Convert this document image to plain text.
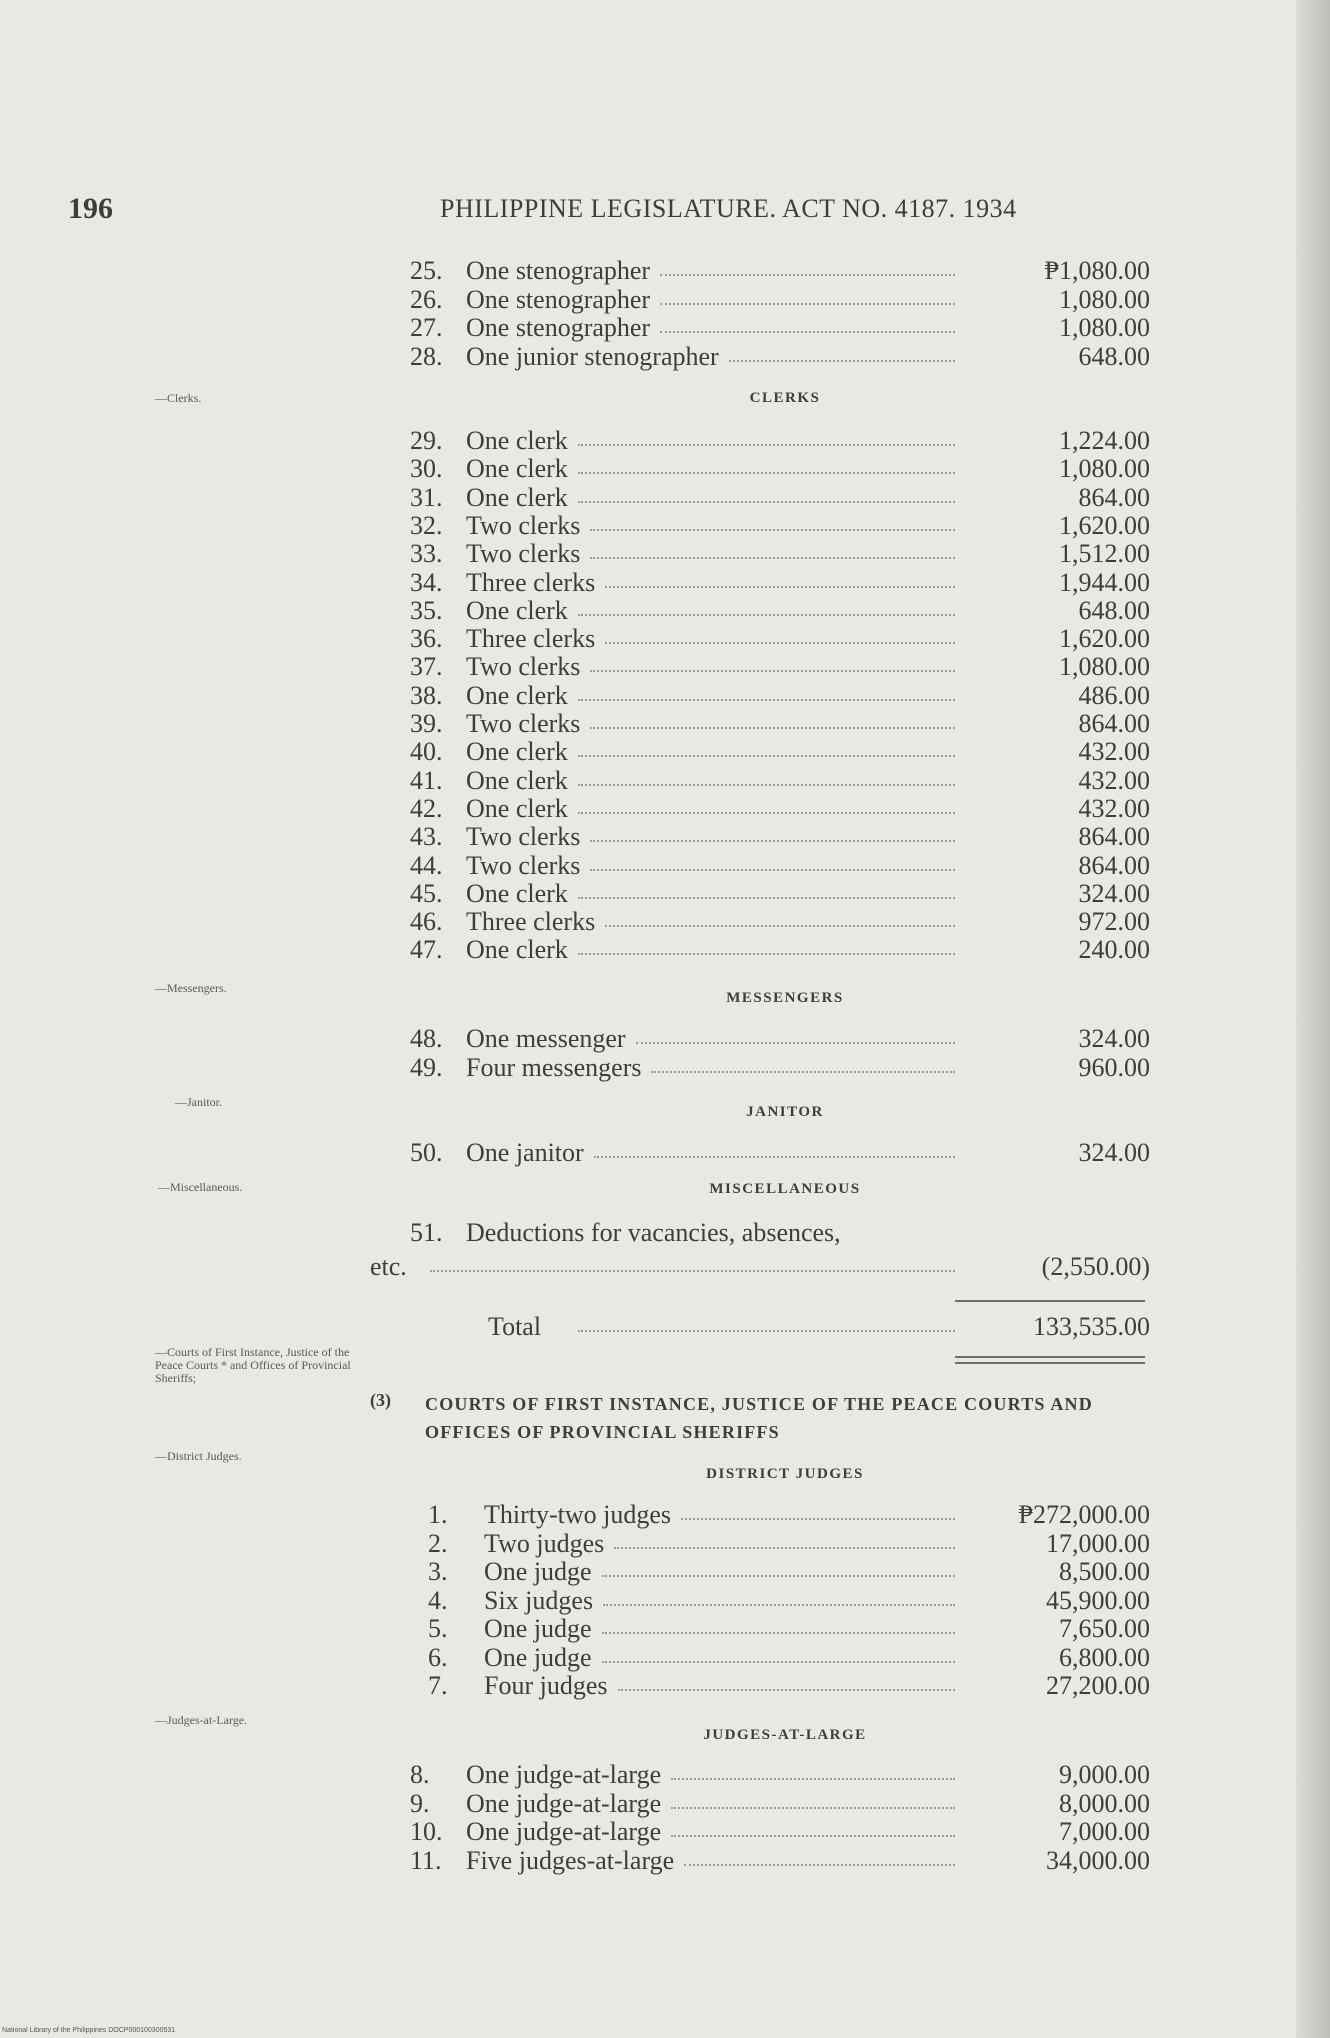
196	PHILIPPINE LEGISLATURE. ACT NO. 4187. 1934
25. One stenographer	₱1,080.00
26. One stenographer	1,080.00
27. One stenographer	1,080.00
28. One junior stenographer	648.00
—Clerks.	CLERKS
29. One clerk	1,224.00
30. One clerk	1,080.00
31. One clerk	864.00
32. Two clerks	1,620.00
33. Two clerks	1,512.00
34. Three clerks	1,944.00
35. One clerk	648.00
36. Three clerks	1,620.00
37. Two clerks	1,080.00
38. One clerk	486.00
39. Two clerks	864.00
40. One clerk	432.00
41. One clerk	432.00
42. One clerk	432.00
43. Two clerks	864.00
44. Two clerks	864.00
45. One clerk	324.00
46. Three clerks	972.00
47. One clerk	240.00
—Messengers.
MESSENGERS
48. One messenger	324.00
49. Four messengers	960.00
—Janitor.
JANITOR
50. One janitor	324.00
—Miscellaneous.	MISCELLANEOUS
51. Deductions for vacancies, absences,
etc.	(2,550.00)
Total	133,535.00
—Courts of First Instance, Justice of the Peace Courts * and Offices of Provincial Sheriffs;
(3) COURTS OF FIRST INSTANCE, JUSTICE OF THE PEACE COURTS AND OFFICES OF PROVINCIAL SHERIFFS
—District Judges.
DISTRICT JUDGES
1. Thirty-two judges	₱272,000.00
2. Two judges	17,000.00
3. One judge	8,500.00
4. Six judges	45,900.00
5. One judge	7,650.00
6. One judge	6,800.00
7. Four judges	27,200.00
—Judges-at-Large.
JUDGES-AT-LARGE
8. One judge-at-large	9,000.00
9. One judge-at-large	8,000.00
10. One judge-at-large	7,000.00
11. Five judges-at-large	34,000.00
National Library of the Philippines DOCP000100300531
